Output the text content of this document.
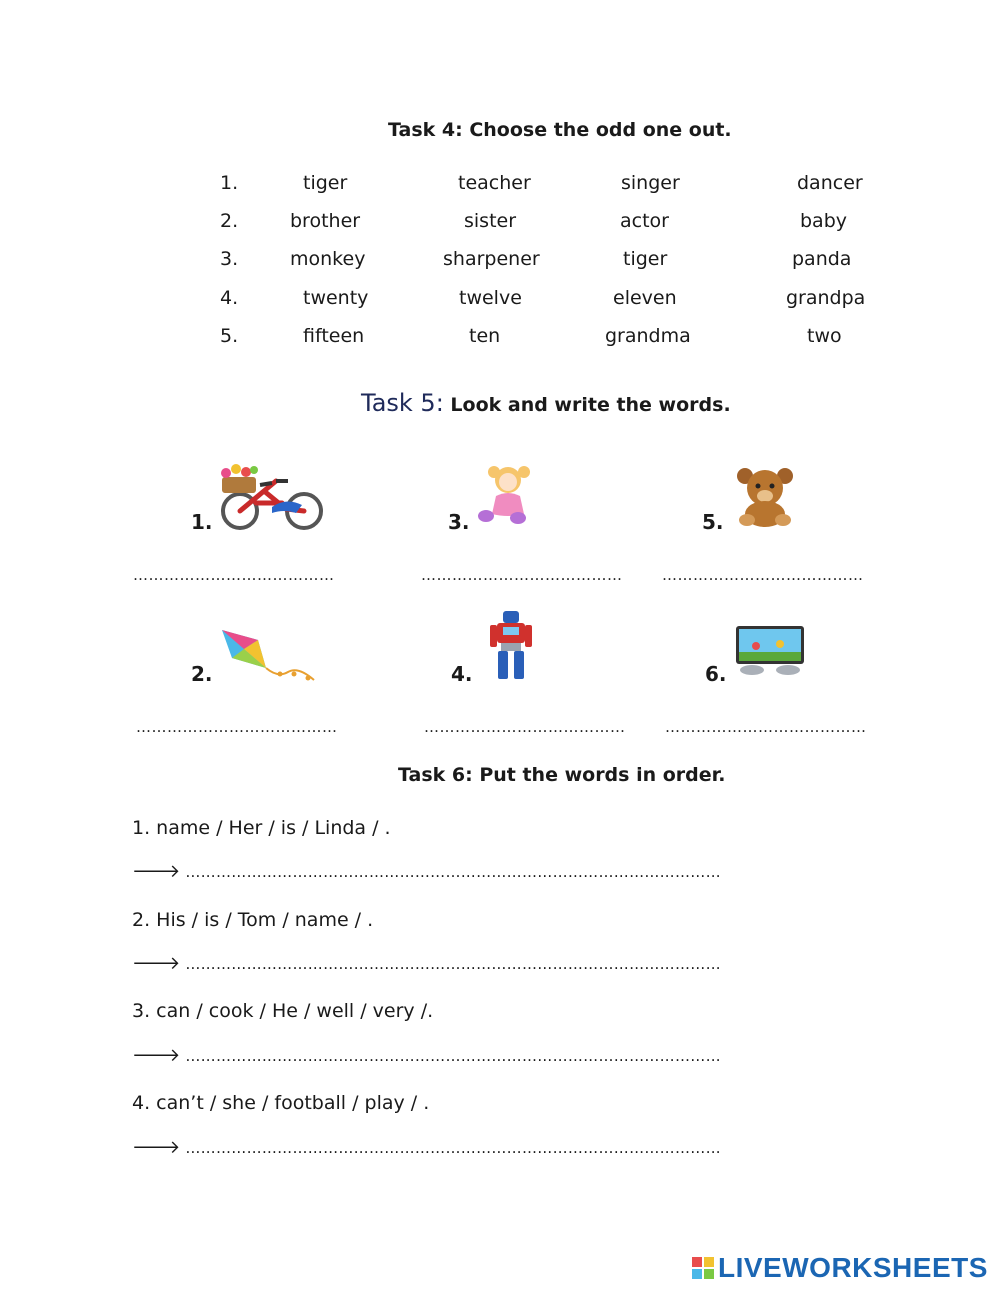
Task 4: Choose the odd one out.
1.	tiger	teacher	singer	dancer
2.	brother	sister	actor	baby
3.	monkey	sharpener	tiger	panda
4.	twenty	twelve	eleven	grandpa
5.	fifteen	ten	grandma	two
Task 5: Look and write the words.
1.
…………………………………
3.
…………………………………
5.
…………………………………
2.
…………………………………
4.
…………………………………
6.
…………………………………
Task 6: Put the words in order.
1. name / Her / is / Linda / .
🡒 ……………………………………………………………………………………………
2. His / is / Tom / name / .
🡒 ……………………………………………………………………………………………
3. can / cook / He / well / very /.
🡒 ……………………………………………………………………………………………
4. can’t / she / football / play / .
🡒 ……………………………………………………………………………………………
LIVEWORKSHEETS
